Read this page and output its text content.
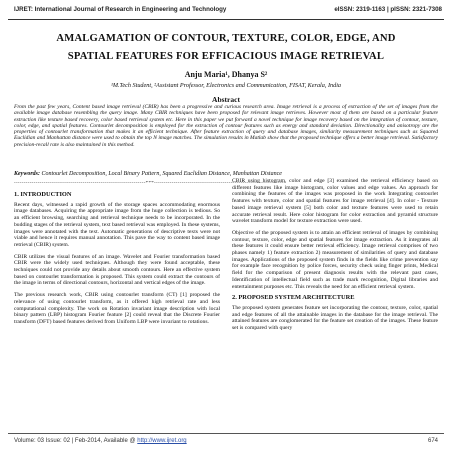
IJRET: International Journal of Research in Engineering and Technology	eISSN: 2319-1163 | pISSN: 2321-7308
AMALGAMATION OF CONTOUR, TEXTURE, COLOR, EDGE, AND
SPATIAL FEATURES FOR EFFICACIOUS IMAGE RETRIEVAL
Anju Maria¹, Dhanya S²
¹M.Tech Student, ²Assistant Professor, Electronics and Communication, FISAT, Kerala, India
Abstract
From the past few years, Content based image retrieval (CBIR) has been a progressive and curious research area. Image retrieval is a process of extraction of the set of images from the available image database resembling the query image. Many CBIR techniques have been proposed for relevant image retrieves. However most of them are based on a particular feature extraction like texture based recovery, color based retrieval system etc. Here in this paper we put forward a novel technique for image recovery based on the integration of contour, texture, color, edge, and spatial features. Contourlet decomposition is employed for the extraction of contour features such as energy and standard deviation. Directionality and anisotropy are the properties of contourlet transformation that makes it an efficient technique. After feature extraction of query and database images, similarity measurement techniques such as Squared Euclidian and Manhattan distance were used to obtain the top N image matches. The simulation results in Matlab show that the proposed technique offers a better image retrieval. Satisfactory precision-recall rate is also maintained in this method.
Keywords: Contourlet Decomposition, Local Binary Pattern, Squared Euclidian Distance, Manhattan Distance
-------------------------------------------------------------------***-------------------------------------------------------------------
1. INTRODUCTION

Recent days, witnessed a rapid growth of the storage spaces accommodating enormous image databases. Acquiring the appropriate image from the huge collection is tedious. So an efficient browsing, searching and retrieval technique needs to be incorporated. In the budding stages of the retrieval system, text based retrieval was employed. In these systems, images were annotated with the text. Automatic generations of descriptive texts were not viable and hence it requires manual annotation. This pave the way to content based image retrieval (CBIR) system.

CBIR utilizes the visual features of an image. Wavelet and Fourier transformation based CBIR were the widely used techniques. Although they were found acceptable, these techniques could not provide any details about smooth contours. Here an effective system based on contourlet transformation is proposed. This system could extract the contours of the image in terms of directional contours, horizontal and vertical edges of the image.

The previous research work, CBIR using contourlet transform (CT) [1] proposed the relevance of using contourlet transform, as it offered high retrieval rate and less computational complexity. The work on Rotation invariant image description with local binary pattern (LBP) histogram Fourier feature [2] could reveal that the Discrete Fourier transform (DFT) based features derived from Uniform LBP were invariant to rotations.

CBIR using histogram, color and edge [3] examined the retrieval efficiency based on different features like image histogram, color values and edge values. An approach for combining the features of the images was proposed in the work Integrating contourlet features with texture, color and spatial features for image retrieval [4]. In color - Texture based image retrieval system [5] both color and texture features were used to retain accurate retrieval result. Here color histogram for color extraction and pyramid structure wavelet transform model for texture extraction were used.

Objective of the proposed system is to attain an efficient retrieval of images by combining contour, texture, color, edge and spatial features for image extraction. As it integrates all these features it could ensure better retrieval efficiency. Image retrieval comprises of two phases namely 1) feature extraction 2) measurement of similarities of query and database images. Applications of the proposed system finds in the fields like crime prevention say for example face recognition by police forces, security check using finger prints, Medical field for the comparison of present diagnosis results with the relevant past cases, Identification of intellectual field such as trade mark recognition, Digital libraries and entertainment purposes etc. This reveals the need for an efficient retrieval system.

2. PROPOSED SYSTEM ARCHITECTURE

The proposed system generates feature set incorporating the contour, texture, color, spatial and edge features of all the attainable images in the database for the image retrieval. The attained features are conglomerated for the feature set creation of the images. These feature set is compared with query

Volume: 03 Issue: 02 | Feb-2014, Available @ http://www.ijret.org	674
